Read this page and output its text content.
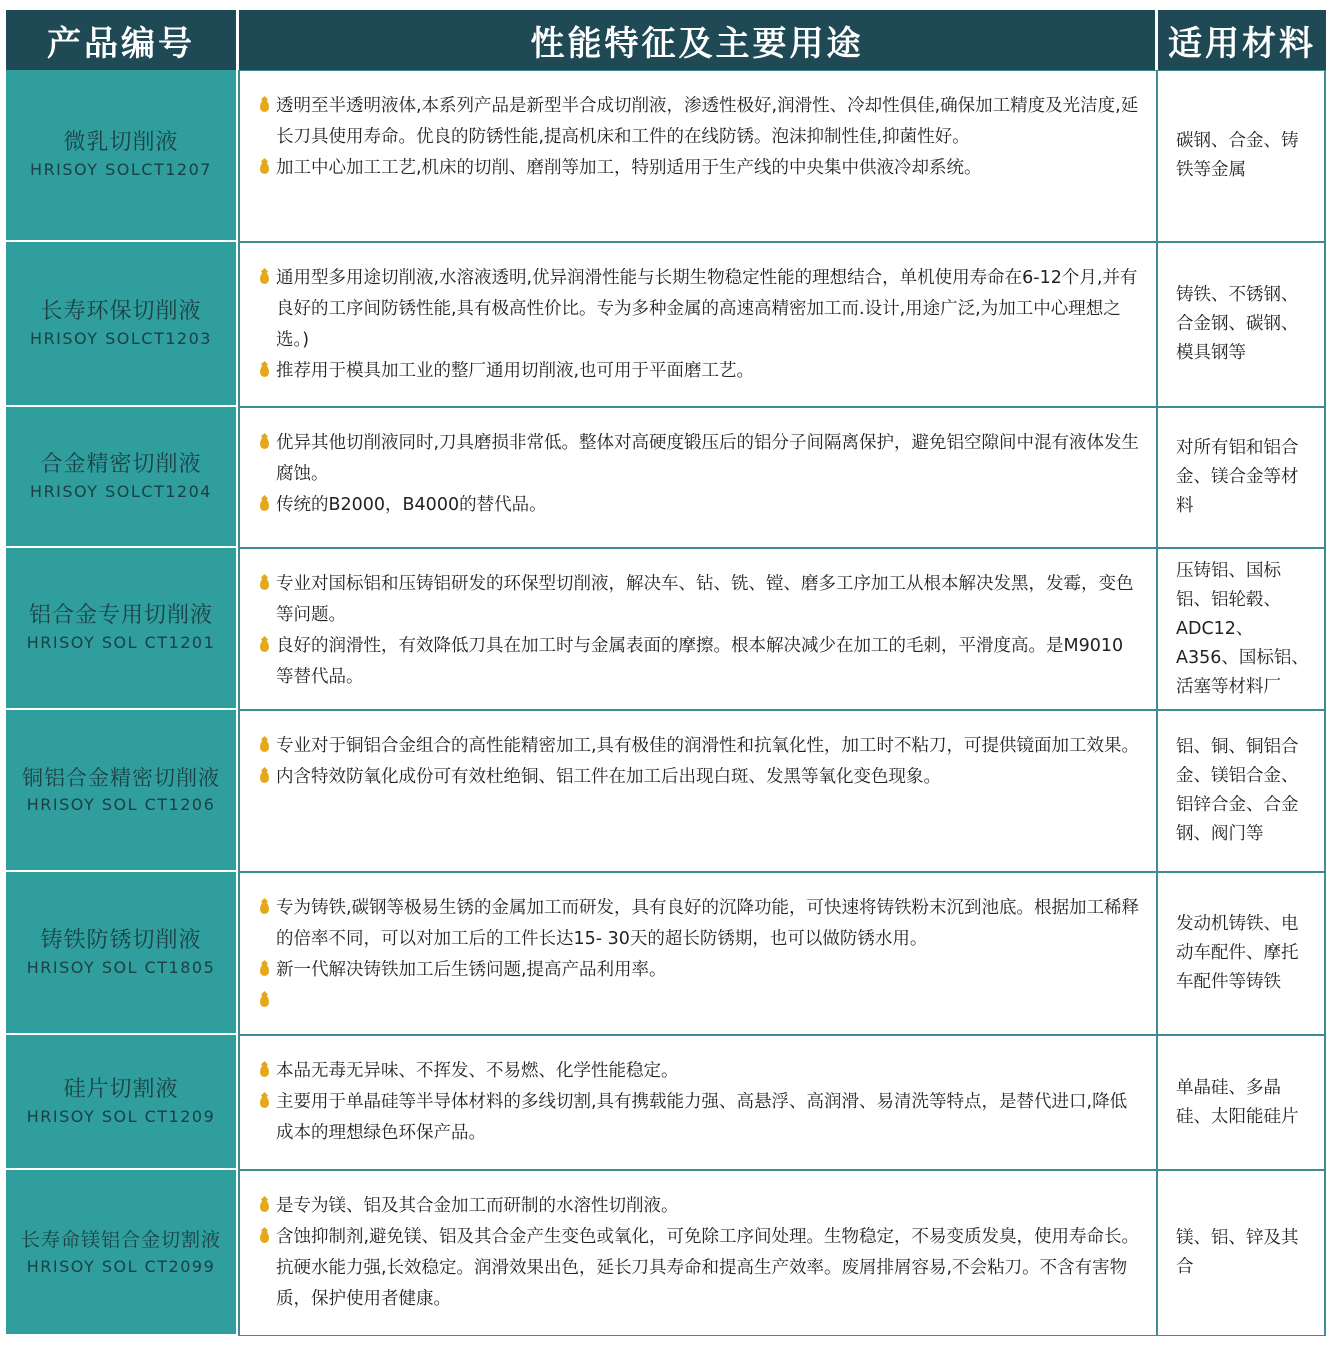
产品编号	性能特征及主要用途	适用材料
微乳切削液
HRISOY SOLCT1207
透明至半透明液体,本系列产品是新型半合成切削液，渗透性极好,润滑性、冷却性俱佳,确保加工精度及光洁度,延长刀具使用寿命。优良的防锈性能,提高机床和工件的在线防锈。泡沫抑制性佳,抑菌性好。
加工中心加工工艺,机床的切削、磨削等加工，特别适用于生产线的中央集中供液冷却系统。
碳钢、合金、铸铁等金属
长寿环保切削液
HRISOY SOLCT1203
通用型多用途切削液,水溶液透明,优异润滑性能与长期生物稳定性能的理想结合，单机使用寿命在6-12个月,并有良好的工序间防锈性能,具有极高性价比。专为多种金属的高速高精密加工而.设计,用途广泛,为加工中心理想之选。)
推荐用于模具加工业的整厂通用切削液,也可用于平面磨工艺。
铸铁、不锈钢、合金钢、碳钢、模具钢等
合金精密切削液
HRISOY SOLCT1204
优异其他切削液同时,刀具磨损非常低。整体对高硬度锻压后的铝分子间隔离保护，避免铝空隙间中混有液体发生腐蚀。
传统的B2000，B4000的替代品。
对所有铝和铝合金、镁合金等材料
铝合金专用切削液
HRISOY SOL CT1201
专业对国标铝和压铸铝研发的环保型切削液，解决车、钻、铣、镗、磨多工序加工从根本解决发黑，发霉，变色等问题。
良好的润滑性，有效降低刀具在加工时与金属表面的摩擦。根本解决减少在加工的毛刺，平滑度高。是M9010等替代品。
压铸铝、国标铝、铝轮毂、ADC12、A356、国标铝、活塞等材料厂
铜铝合金精密切削液
HRISOY SOL CT1206
专业对于铜铝合金组合的高性能精密加工,具有极佳的润滑性和抗氧化性，加工时不粘刀，可提供镜面加工效果。
内含特效防氧化成份可有效杜绝铜、铝工件在加工后出现白斑、发黑等氧化变色现象。
铝、铜、铜铝合金、镁铝合金、铝锌合金、合金钢、阀门等
铸铁防锈切削液
HRISOY SOL CT1805
专为铸铁,碳钢等极易生锈的金属加工而研发，具有良好的沉降功能，可快速将铸铁粉末沉到池底。根据加工稀释的倍率不同，可以对加工后的工件长达15- 30天的超长防锈期，也可以做防锈水用。
新一代解决铸铁加工后生锈问题,提高产品利用率。
发动机铸铁、电动车配件、摩托车配件等铸铁
硅片切割液
HRISOY SOL CT1209
本品无毒无异味、不挥发、不易燃、化学性能稳定。
主要用于单晶硅等半导体材料的多线切割,具有携载能力强、高悬浮、高润滑、易清洗等特点，是替代进口,降低成本的理想绿色环保产品。
单晶硅、多晶硅、太阳能硅片
长寿命镁铝合金切割液
HRISOY SOL CT2099
是专为镁、铝及其合金加工而研制的水溶性切削液。
含蚀抑制剂,避免镁、铝及其合金产生变色或氧化，可免除工序间处理。生物稳定，不易变质发臭，使用寿命长。抗硬水能力强,长效稳定。润滑效果出色，延长刀具寿命和提高生产效率。废屑排屑容易,不会粘刀。不含有害物质，保护使用者健康。
镁、铝、锌及其合
